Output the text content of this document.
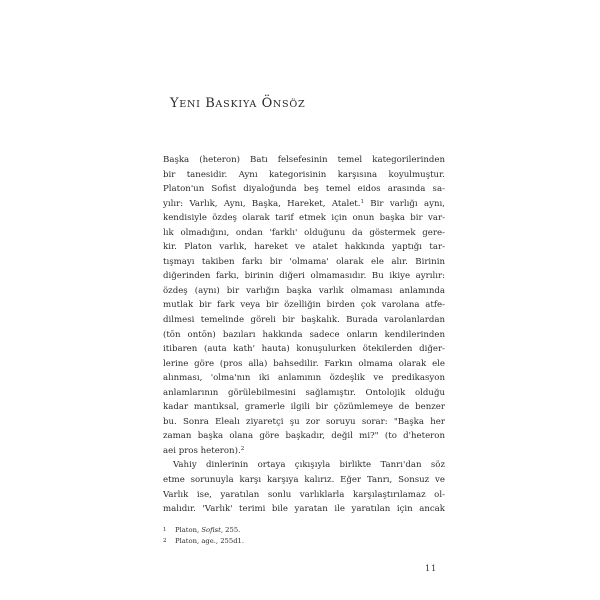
YENI BASKIYA ÖNSÖZ
Başka (heteron) Batı felsefesinin temel kategorilerinden
bir tanesidir. Aynı kategorisinin karşısına koyulmuştur.
Platon'un Sofist diyaloğunda beş temel eidos arasında sa-
yılır: Varlık, Aynı, Başka, Hareket, Atalet.$^1$ Bir varlığı aynı,
kendisiyle özdeş olarak tarif etmek için onun başka bir var-
lık olmadığını, ondan 'farklı' olduğunu da göstermek gere-
kir. Platon varlık, hareket ve atalet hakkında yaptığı tar-
tışmayı takiben farkı bir 'olmama' olarak ele alır. Birinin
diğerinden farkı, birinin diğeri olmamasıdır. Bu ikiye ayrılır:
özdeş (aynı) bir varlığın başka varlık olmaması anlamında
mutlak bir fark veya bir özelliğin birden çok varolana atfe-
dilmesi temelinde göreli bir başkalık. Burada varolanlardan
(tōn ontōn) bazıları hakkında sadece onların kendilerinden
itibaren (auta kath' hauta) konuşulurken ötekilerden diğer-
lerine göre (pros alla) bahsedilir. Farkın olmama olarak ele
alınması, 'olma'nın iki anlamının özdeşlik ve predikasyon
anlamlarının görülebilmesini sağlamıştır. Ontolojik olduğu
kadar mantıksal, gramerle ilgili bir çözümlemeye de benzer
bu. Sonra Elealı ziyaretçi şu zor soruyu sorar: "Başka her
zaman başka olana göre başkadır, değil mi?" (to d'heteron
aei pros heteron).$^2$
Vahiy dinlerinin ortaya çıkışıyla birlikte Tanrı'dan söz
etme sorunuyla karşı karşıya kalırız. Eğer Tanrı, Sonsuz ve
Varlık ise, yaratılan sonlu varlıklarla karşılaştırılamaz ol-
malıdır. 'Varlık' terimi bile yaratan ile yaratılan için ancak
1 Platon, Sofist, 255.
2 Platon, age., 255d1.
11
